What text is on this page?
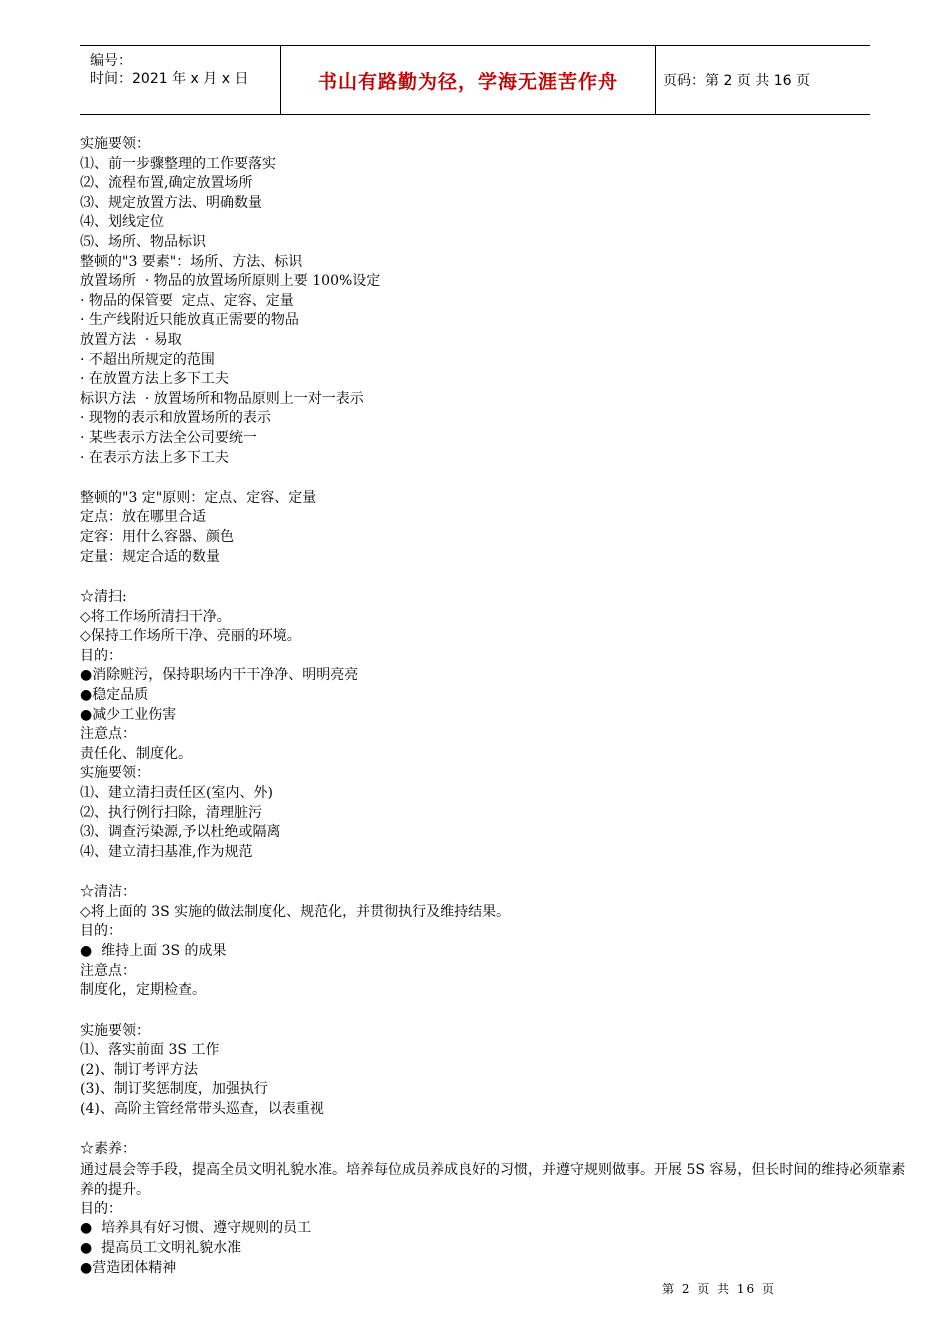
编号：
时间：2021 年 x 月 x 日	书山有路勤为径，学海无涯苦作舟	页码：第 2 页 共 16 页
实施要领：
⑴、前一步骤整理的工作要落实
⑵、流程布置,确定放置场所
⑶、规定放置方法、明确数量
⑷、划线定位
⑸、场所、物品标识
整顿的"3 要素"：场所、方法、标识
放置场所  · 物品的放置场所原则上要 100%设定
· 物品的保管要  定点、定容、定量
· 生产线附近只能放真正需要的物品
放置方法  · 易取
· 不超出所规定的范围
· 在放置方法上多下工夫
标识方法  · 放置场所和物品原则上一对一表示
· 现物的表示和放置场所的表示
· 某些表示方法全公司要统一
· 在表示方法上多下工夫
整顿的"3 定"原则：定点、定容、定量
定点：放在哪里合适
定容：用什么容器、颜色
定量：规定合适的数量
☆清扫:
◇将工作场所清扫干净。
◇保持工作场所干净、亮丽的环境。
目的：
●消除赃污，保持职场内干干净净、明明亮亮
●稳定品质
●减少工业伤害
注意点：
责任化、制度化。
实施要领：
⑴、建立清扫责任区(室内、外)
⑵、执行例行扫除，清理脏污
⑶、调查污染源,予以杜绝或隔离
⑷、建立清扫基准,作为规范
☆清洁：
◇将上面的 3S 实施的做法制度化、规范化，并贯彻执行及维持结果。
目的：
●  维持上面 3S 的成果
注意点：
制度化，定期检查。
实施要领：
⑴、落实前面 3S 工作
(2)、制订考评方法
(3)、制订奖惩制度，加强执行
(4)、高阶主管经常带头巡查，以表重视
☆素养：
通过晨会等手段，提高全员文明礼貌水准。培养每位成员养成良好的习惯，并遵守规则做事。开展 5S 容易，但长时间的维持必须靠素养的提升。
目的：
●  培养具有好习惯、遵守规则的员工
●  提高员工文明礼貌水准
●营造团体精神
第 2 页 共 16 页
